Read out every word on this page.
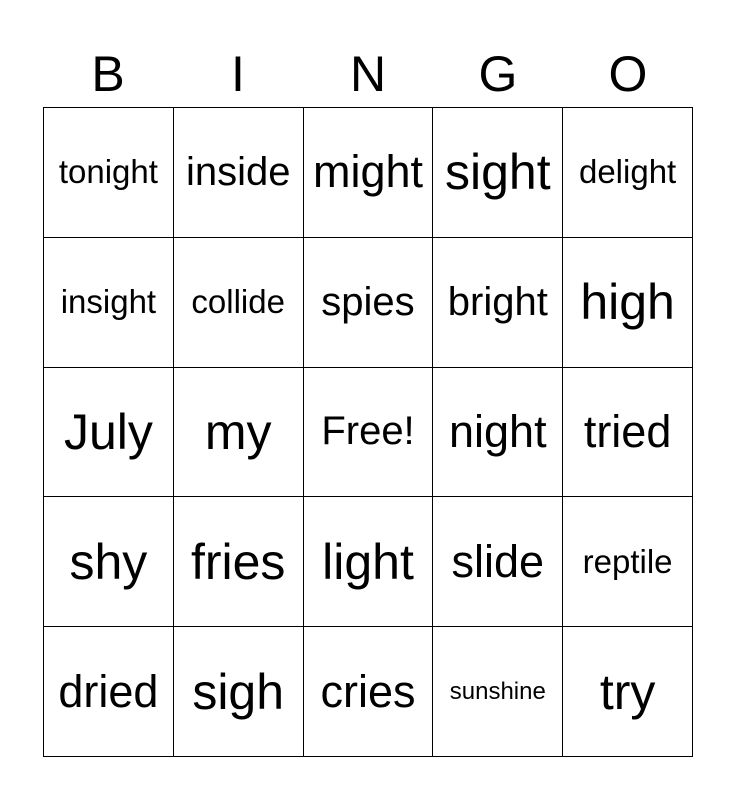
B	I	N	G	O
tonight inside might sight delight
insight collide spies bright high
July my Free! night tried
shy fries light slide reptile
dried sigh cries sunshine try
